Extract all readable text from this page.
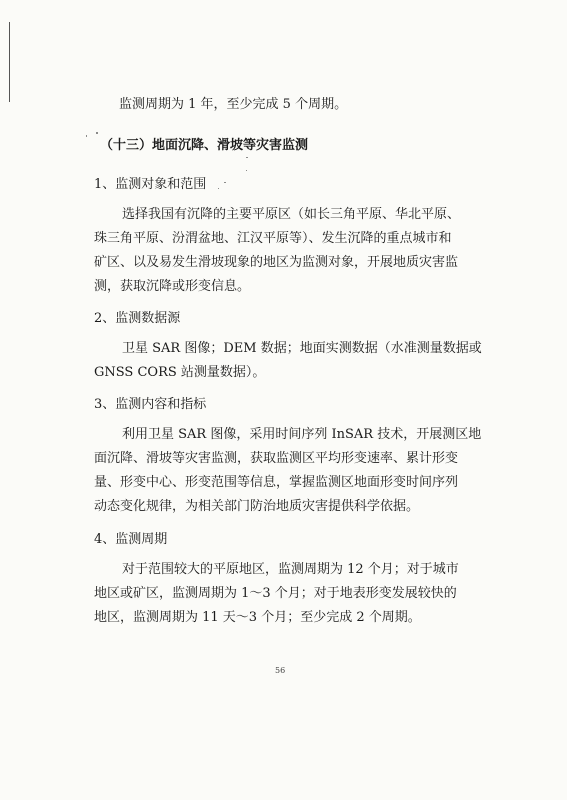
监测周期为 1 年，至少完成 5 个周期。
（十三）地面沉降、滑坡等灾害监测
1、监测对象和范围
选择我国有沉降的主要平原区（如长三角平原、华北平原、
珠三角平原、汾渭盆地、江汉平原等）、发生沉降的重点城市和
矿区、以及易发生滑坡现象的地区为监测对象，开展地质灾害监
测，获取沉降或形变信息。
2、监测数据源
卫星 SAR 图像；DEM 数据；地面实测数据（水准测量数据或
GNSS CORS 站测量数据）。
3、监测内容和指标
利用卫星 SAR 图像，采用时间序列 InSAR 技术，开展测区地
面沉降、滑坡等灾害监测，获取监测区平均形变速率、累计形变
量、形变中心、形变范围等信息，掌握监测区地面形变时间序列
动态变化规律，为相关部门防治地质灾害提供科学依据。
4、监测周期
对于范围较大的平原地区，监测周期为 12 个月；对于城市
地区或矿区，监测周期为 1～3 个月；对于地表形变发展较快的
地区，监测周期为 11 天～3 个月；至少完成 2 个周期。
56
